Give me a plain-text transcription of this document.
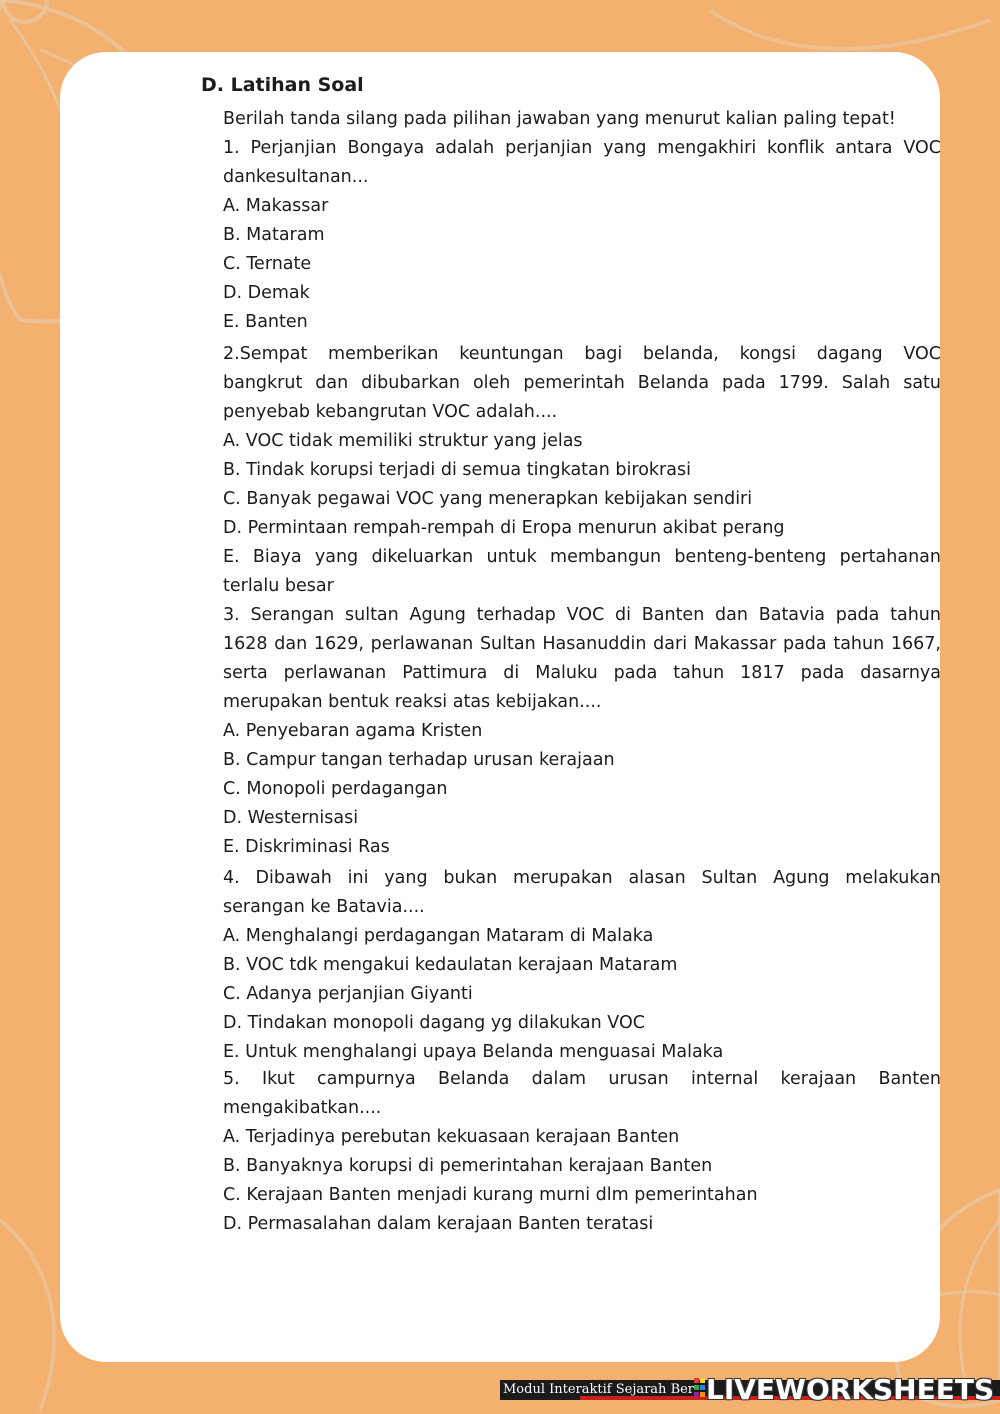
D. Latihan Soal
Berilah tanda silang pada pilihan jawaban yang menurut kalian paling tepat!
1. Perjanjian Bongaya adalah perjanjian yang mengakhiri konflik antara VOC
dankesultanan...
A. Makassar
B. Mataram
C. Ternate
D. Demak
E. Banten
2.Sempat memberikan keuntungan bagi belanda, kongsi dagang VOC
bangkrut dan dibubarkan oleh pemerintah Belanda pada 1799. Salah satu
penyebab kebangrutan VOC adalah....
A. VOC tidak memiliki struktur yang jelas
B. Tindak korupsi terjadi di semua tingkatan birokrasi
C. Banyak pegawai VOC yang menerapkan kebijakan sendiri
D. Permintaan rempah-rempah di Eropa menurun akibat perang
E. Biaya yang dikeluarkan untuk membangun benteng-benteng pertahanan
terlalu besar
3. Serangan sultan Agung terhadap VOC di Banten dan Batavia pada tahun
1628 dan 1629, perlawanan Sultan Hasanuddin dari Makassar pada tahun 1667,
serta perlawanan Pattimura di Maluku pada tahun 1817 pada dasarnya
merupakan bentuk reaksi atas kebijakan....
A. Penyebaran agama Kristen
B. Campur tangan terhadap urusan kerajaan
C. Monopoli perdagangan
D. Westernisasi
E. Diskriminasi Ras
4. Dibawah ini yang bukan merupakan alasan Sultan Agung melakukan
serangan ke Batavia....
A. Menghalangi perdagangan Mataram di Malaka
B. VOC tdk mengakui kedaulatan kerajaan Mataram
C. Adanya perjanjian Giyanti
D. Tindakan monopoli dagang yg dilakukan VOC
E. Untuk menghalangi upaya Belanda menguasai Malaka
5. Ikut campurnya Belanda dalam urusan internal kerajaan Banten
mengakibatkan....
A. Terjadinya perebutan kekuasaan kerajaan Banten
B. Banyaknya korupsi di pemerintahan kerajaan Banten
C. Kerajaan Banten menjadi kurang murni dlm pemerintahan
D. Permasalahan dalam kerajaan Banten teratasi
Modul Interaktif Sejarah Ber LIVEWORKSHEETS
